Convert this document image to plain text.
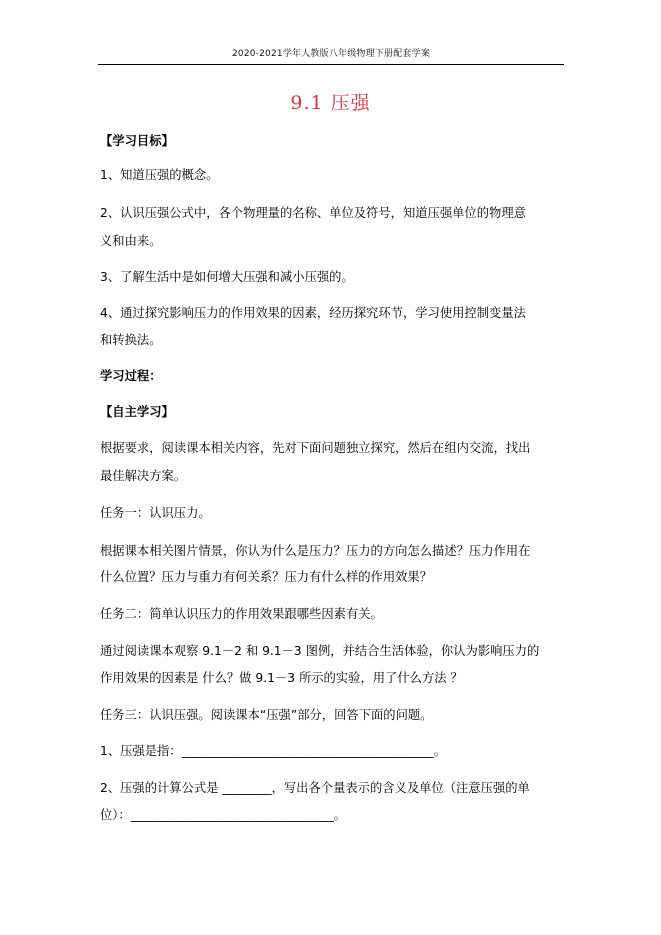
2020-2021学年人教版八年级物理下册配套学案
9.1 压强
【学习目标】
1、知道压强的概念。
2、认识压强公式中，各个物理量的名称、单位及符号，知道压强单位的物理意
义和由来。
3、了解生活中是如何增大压强和减小压强的。
4、通过探究影响压力的作用效果的因素，经历探究环节，学习使用控制变量法
和转换法。
学习过程：
【自主学习】
根据要求，阅读课本相关内容，先对下面问题独立探究，然后在组内交流，找出
最佳解决方案。
任务一：认识压力。
根据课本相关图片情景，你认为什么是压力？压力的方向怎么描述？压力作用在
什么位置？压力与重力有何关系？压力有什么样的作用效果？
任务二：简单认识压力的作用效果跟哪些因素有关。
通过阅读课本观察 9.1－2 和 9.1－3 图例，并结合生活体验，你认为影响压力的
作用效果的因素是 什么？做 9.1－3 所示的实验，用了什么方法 ？
任务三：认识压强。阅读课本“压强”部分，回答下面的问题。
1、压强是指：_________________________________________。
2、压强的计算公式是 ________，写出各个量表示的含义及单位（注意压强的单
位）：_________________________________。
